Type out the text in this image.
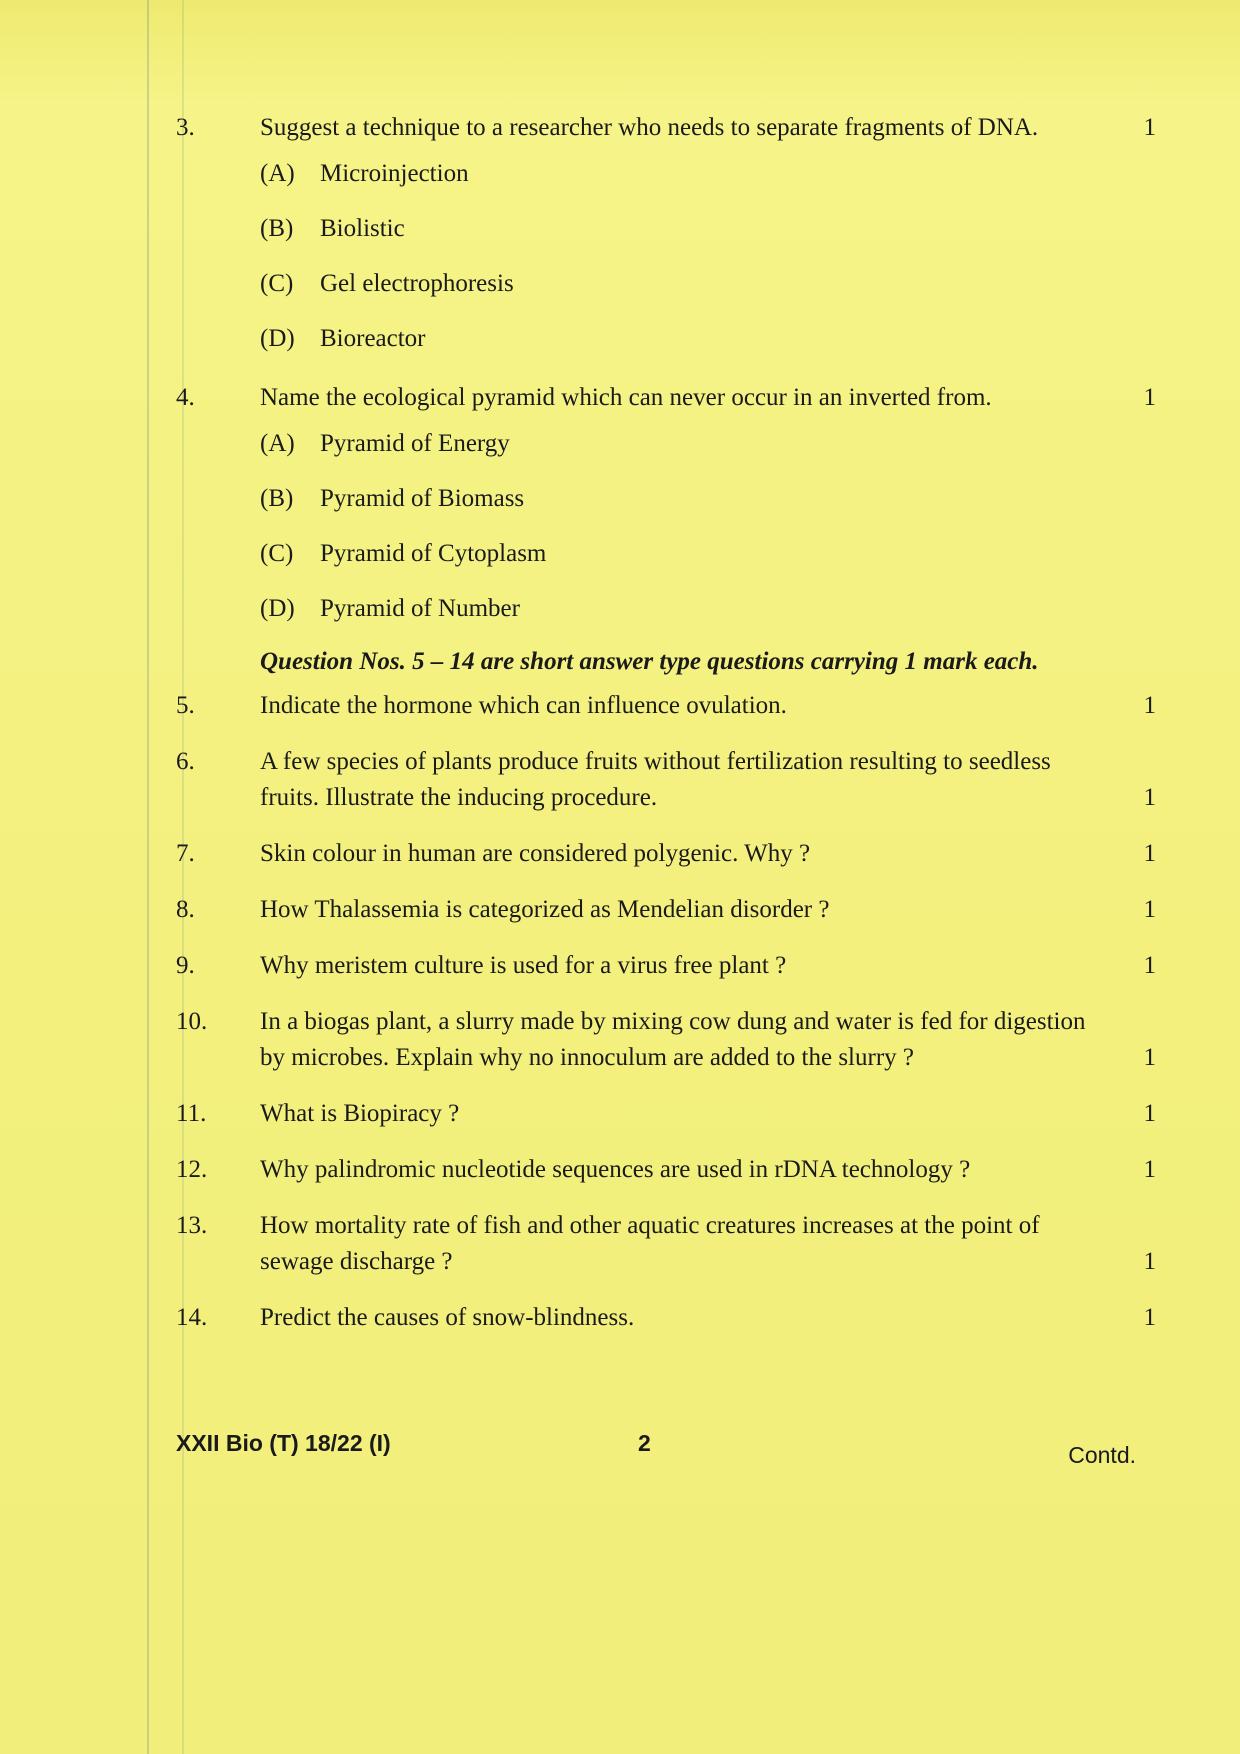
3.	Suggest a technique to a researcher who needs to separate fragments of DNA.	1
(A) Microinjection
(B) Biolistic
(C) Gel electrophoresis
(D) Bioreactor
4.	Name the ecological pyramid which can never occur in an inverted from.	1
(A) Pyramid of Energy
(B) Pyramid of Biomass
(C) Pyramid of Cytoplasm
(D) Pyramid of Number
Question Nos. 5 – 14 are short answer type questions carrying 1 mark each.
5.	Indicate the hormone which can influence ovulation.	1
6.	A few species of plants produce fruits without fertilization resulting to seedless fruits. Illustrate the inducing procedure.	1
7.	Skin colour in human are considered polygenic. Why ?	1
8.	How Thalassemia is categorized as Mendelian disorder ?	1
9.	Why meristem culture is used for a virus free plant ?	1
10.	In a biogas plant, a slurry made by mixing cow dung and water is fed for digestion by microbes. Explain why no innoculum are added to the slurry ?	1
11.	What is Biopiracy ?	1
12.	Why palindromic nucleotide sequences are used in rDNA technology ?	1
13.	How mortality rate of fish and other aquatic creatures increases at the point of sewage discharge ?	1
14.	Predict the causes of snow-blindness.	1
XXII Bio (T) 18/22 (I)	2	Contd.
